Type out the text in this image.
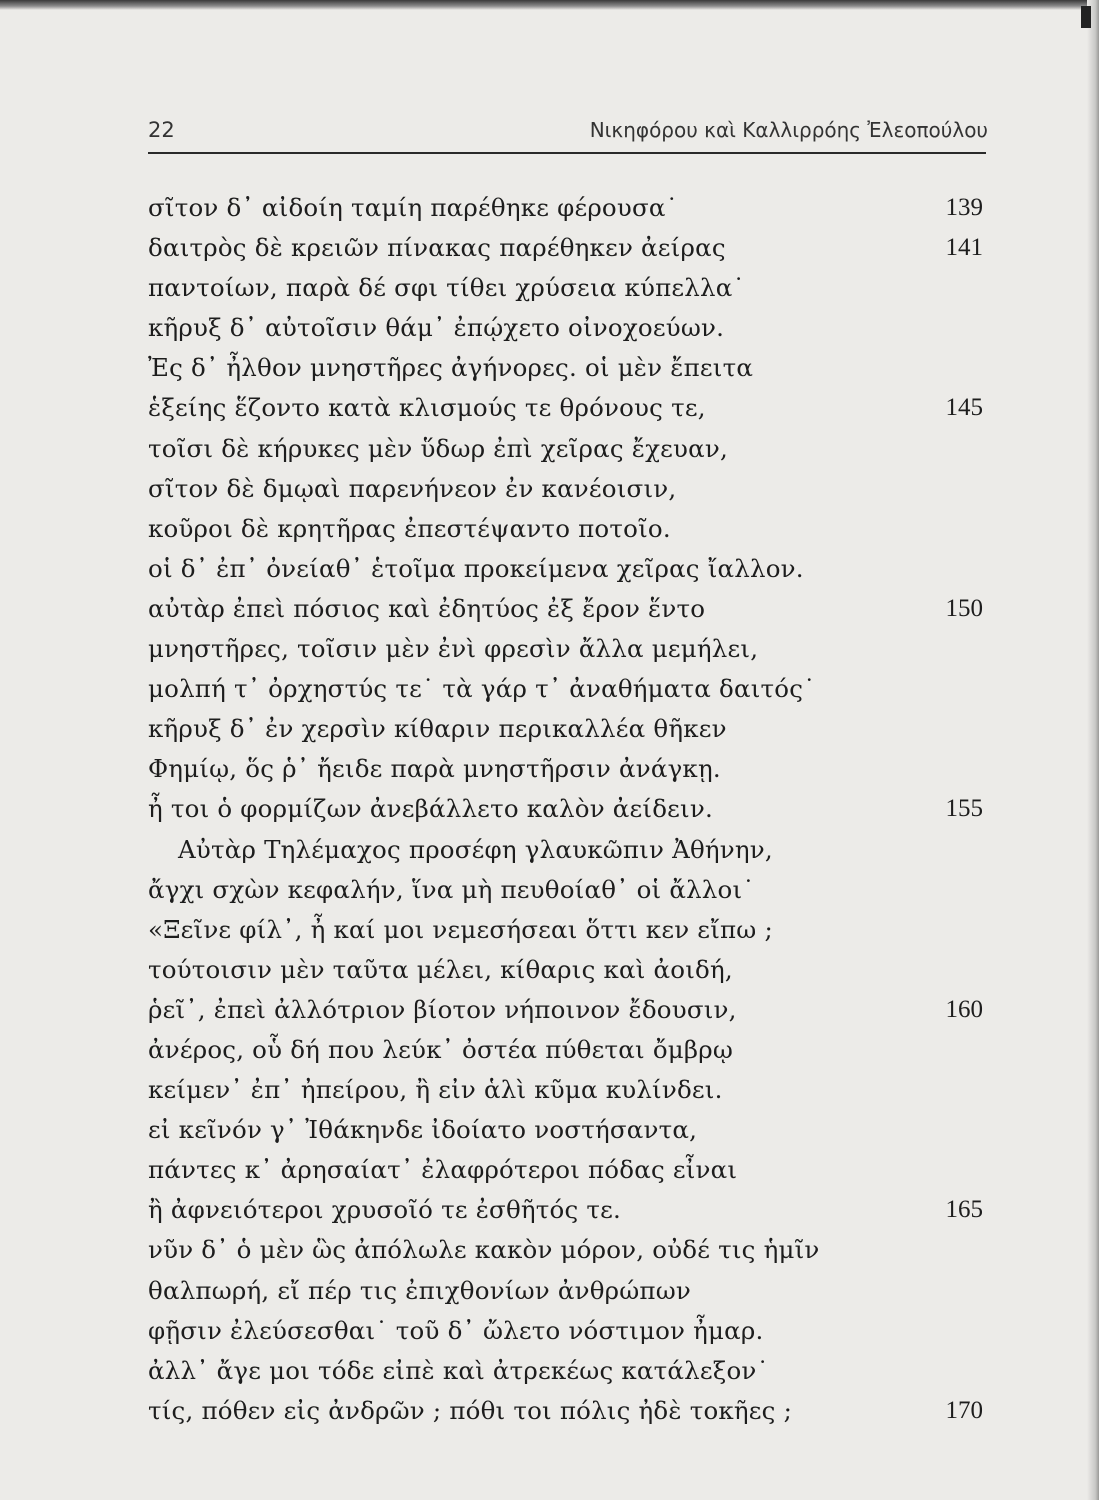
22	Νικηφόρου καὶ Καλλιρρόης Ἐλεοπούλου
σῖτον δ᾽ αἰδοίη ταμίη παρέθηκε φέρουσα˙	139
δαιτρὸς δὲ κρειῶν πίνακας παρέθηκεν ἀείρας	141
παντοίων, παρὰ δέ σφι τίθει χρύσεια κύπελλα˙
κῆρυξ δ᾽ αὐτοῖσιν θάμ᾽ ἐπῴχετο οἰνοχοεύων.
Ἐς δ᾽ ἦλθον μνηστῆρες ἀγήνορες. οἱ μὲν ἔπειτα
ἑξείης ἕζοντο κατὰ κλισμούς τε θρόνους τε,	145
τοῖσι δὲ κήρυκες μὲν ὕδωρ ἐπὶ χεῖρας ἔχευαν,
σῖτον δὲ δμῳαὶ παρενήνεον ἐν κανέοισιν,
κοῦροι δὲ κρητῆρας ἐπεστέψαντο ποτοῖο.
οἱ δ᾽ ἐπ᾽ ὀνείαθ᾽ ἑτοῖμα προκείμενα χεῖρας ἴαλλον.
αὐτὰρ ἐπεὶ πόσιος καὶ ἐδητύος ἐξ ἔρον ἕντο	150
μνηστῆρες, τοῖσιν μὲν ἐνὶ φρεσὶν ἄλλα μεμήλει,
μολπή τ᾽ ὀρχηστύς τε˙ τὰ γάρ τ᾽ ἀναθήματα δαιτός˙
κῆρυξ δ᾽ ἐν χερσὶν κίθαριν περικαλλέα θῆκεν
Φημίῳ, ὅς ῥ᾽ ἤειδε παρὰ μνηστῆρσιν ἀνάγκῃ.
ἦ τοι ὁ φορμίζων ἀνεβάλλετο καλὸν ἀείδειν.	155
Αὐτὰρ Τηλέμαχος προσέφη γλαυκῶπιν Ἀθήνην,
ἄγχι σχὼν κεφαλήν, ἵνα μὴ πευθοίαθ᾽ οἱ ἄλλοι˙
«Ξεῖνε φίλ᾽, ἦ καί μοι νεμεσήσεαι ὅττι κεν εἴπω ;
τούτοισιν μὲν ταῦτα μέλει, κίθαρις καὶ ἀοιδή,
ῥεῖ᾽, ἐπεὶ ἀλλότριον βίοτον νήποινον ἔδουσιν,	160
ἀνέρος, οὗ δή που λεύκ᾽ ὀστέα πύθεται ὄμβρῳ
κείμεν᾽ ἐπ᾽ ἠπείρου, ἢ εἰν ἁλὶ κῦμα κυλίνδει.
εἰ κεῖνόν γ᾽ Ἰθάκηνδε ἰδοίατο νοστήσαντα,
πάντες κ᾽ ἀρησαίατ᾽ ἐλαφρότεροι πόδας εἶναι
ἢ ἀφνειότεροι χρυσοῖό τε ἐσθῆτός τε.	165
νῦν δ᾽ ὁ μὲν ὣς ἀπόλωλε κακὸν μόρον, οὐδέ τις ἡμῖν
θαλπωρή, εἴ πέρ τις ἐπιχθονίων ἀνθρώπων
φῇσιν ἐλεύσεσθαι˙ τοῦ δ᾽ ὤλετο νόστιμον ἦμαρ.
ἀλλ᾽ ἄγε μοι τόδε εἰπὲ καὶ ἀτρεκέως κατάλεξον˙
τίς, πόθεν εἰς ἀνδρῶν ; πόθι τοι πόλις ἠδὲ τοκῆες ;	170
